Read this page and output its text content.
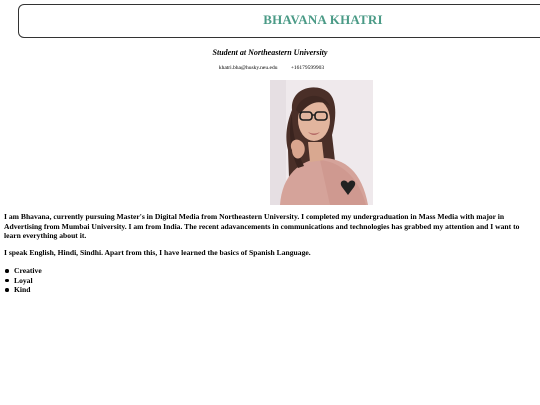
BHAVANA KHATRI
Student at Northeastern University
khatri.bha@husky.neu.edu +16179599903

I am Bhavana, currently pursuing Master's in Digital Media from Northeastern University. I completed my undergraduation in Mass Media with major in Advertising from Mumbai University. I am from India. The recent adavancements in communications and technologies has grabbed my attention and I want to learn everything about it.

I speak English, Hindi, Sindhi. Apart from this, I have learned the basics of Spanish Language.

Creative
Loyal
Kind
